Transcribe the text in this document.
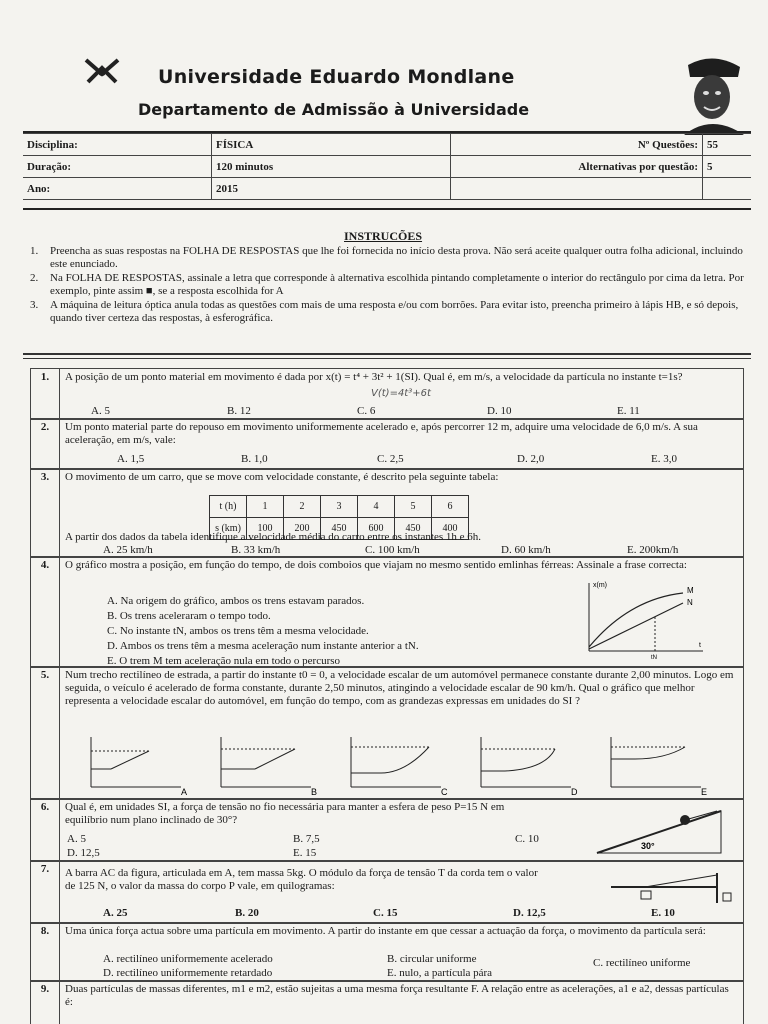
Universidade Eduardo Mondlane
Departamento de Admissão à Universidade
Disciplina:	FÍSICA	Nº Questões:	55
Duração:	120 minutos	Alternativas por questão:	5
Ano:	2015		
INSTRUCÕES
1.	Preencha as suas respostas na FOLHA DE RESPOSTAS que lhe foi fornecida no início desta prova. Não será aceite qualquer outra folha adicional, incluindo este enunciado.
2.	Na FOLHA DE RESPOSTAS, assinale a letra que corresponde à alternativa escolhida pintando completamente o interior do rectângulo por cima da letra. Por exemplo, pinte assim ■, se a resposta escolhida for A
3.	A máquina de leitura óptica anula todas as questões com mais de uma resposta e/ou com borrões. Para evitar isto, preencha primeiro à lápis HB, e só depois, quando tiver certeza das respostas, à esferográfica.
1.	A posição de um ponto material em movimento é dada por x(t) = t⁴ + 3t² + 1(SI). Qual é, em m/s, a velocidade da partícula no instante t=1s?
V(t)=4t³+6t
A. 5	B. 12	C. 6	D. 10	E. 11
2.	Um ponto material parte do repouso em movimento uniformemente acelerado e, após percorrer 12 m, adquire uma velocidade de 6,0 m/s. A sua aceleração, em m/s, vale:
A. 1,5	B. 1,0	C. 2,5	D. 2,0	E. 3,0
3.	O movimento de um carro, que se move com velocidade constante, é descrito pela seguinte tabela:
t (h)	1	2	3	4	5	6
s (km)	100	200	450	600	450	400
A partir dos dados da tabela identifique a velocidade média do carro entre os instantes 1h e 6h.
A. 25 km/h	B. 33 km/h	C. 100 km/h	D. 60 km/h	E. 200km/h
4.	O gráfico mostra a posição, em função do tempo, de dois comboios que viajam no mesmo sentido emlinhas férreas: Assinale a frase correcta:
A. Na origem do gráfico, ambos os trens estavam parados.
B. Os trens aceleraram o tempo todo.
C. No instante tN, ambos os trens têm a mesma velocidade.
D. Ambos os trens têm a mesma aceleração num instante anterior a tN.
E. O trem M tem aceleração nula em todo o percurso
x(m)
t
M
N
tN
5.	Num trecho rectilíneo de estrada, a partir do instante t0 = 0, a velocidade escalar de um automóvel permanece constante durante 2,00 minutos. Logo em seguida, o veículo é acelerado de forma constante, durante 2,50 minutos, atingindo a velocidade escalar de 90 km/h. Qual o gráfico que melhor representa a velocidade escalar do automóvel, em função do tempo, com as grandezas expressas em unidades do SI ?
A	B	C	D	E
6.	Qual é, em unidades SI, a força de tensão no fio necessária para manter a esfera de peso P=15 N em equilíbrio num plano inclinado de 30°?
A. 5	B. 7,5	C. 10
D. 12,5	E. 15
30°
7.	A barra AC da figura, articulada em A, tem massa 5kg. O módulo da força de tensão T da corda tem o valor de 125 N, o valor da massa do corpo P vale, em quilogramas:
A. 25	B. 20	C. 15	D. 12,5	E. 10
8.	Uma única força actua sobre uma partícula em movimento. A partir do instante em que cessar a actuação da força, o movimento da partícula será:
A. rectilíneo uniformemente acelerado	B. circular uniforme	C. rectilíneo uniforme
D. rectilíneo uniformemente retardado	E. nulo, a partícula pára
9.	Duas partículas de massas diferentes, m1 e m2, estão sujeitas a uma mesma força resultante F. A relação entre as acelerações, a1 e a2, dessas partículas é:
